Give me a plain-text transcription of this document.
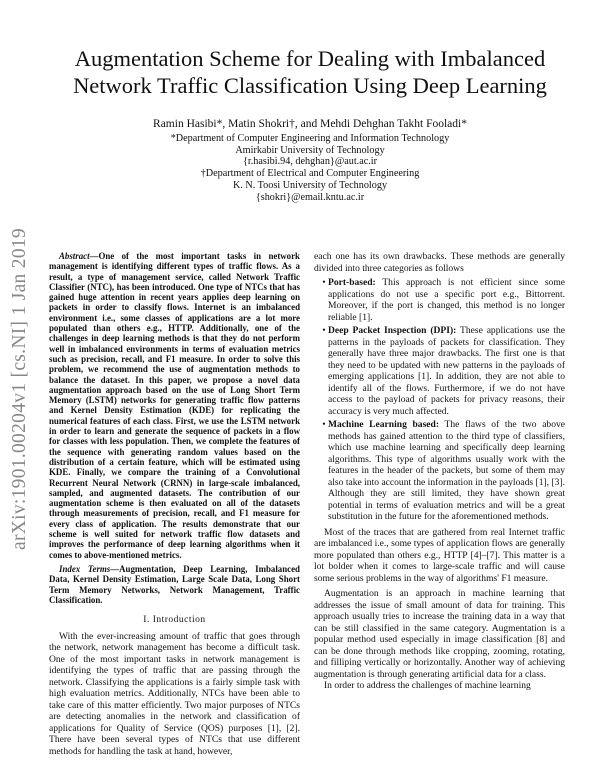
arXiv:1901.00204v1 [cs.NI] 1 Jan 2019
Augmentation Scheme for Dealing with Imbalanced
Network Traffic Classification Using Deep Learning
Ramin Hasibi*, Matin Shokri†, and Mehdi Dehghan Takht Fooladi*
*Department of Computer Engineering and Information Technology
Amirkabir University of Technology
{r.hasibi.94, dehghan}@aut.ac.ir
†Department of Electrical and Computer Engineering
K. N. Toosi University of Technology
{shokri}@email.kntu.ac.ir

Abstract—One of the most important tasks in network management is identifying different types of traffic flows. As a result, a type of management service, called Network Traffic Classifier (NTC), has been introduced. One type of NTCs that has gained huge attention in recent years applies deep learning on packets in order to classify flows. Internet is an imbalanced environment i.e., some classes of applications are a lot more populated than others e.g., HTTP. Additionally, one of the challenges in deep learning methods is that they do not perform well in imbalanced environments in terms of evaluation metrics such as precision, recall, and F1 measure. In order to solve this problem, we recommend the use of augmentation methods to balance the dataset. In this paper, we propose a novel data augmentation approach based on the use of Long Short Term Memory (LSTM) networks for generating traffic flow patterns and Kernel Density Estimation (KDE) for replicating the numerical features of each class. First, we use the LSTM network in order to learn and generate the sequence of packets in a flow for classes with less population. Then, we complete the features of the sequence with generating random values based on the distribution of a certain feature, which will be estimated using KDE. Finally, we compare the training of a Convolutional Recurrent Neural Network (CRNN) in large-scale imbalanced, sampled, and augmented datasets. The contribution of our augmentation scheme is then evaluated on all of the datasets through measurements of precision, recall, and F1 measure for every class of application. The results demonstrate that our scheme is well suited for network traffic flow datasets and improves the performance of deep learning algorithms when it comes to above-mentioned metrics.

Index Terms—Augmentation, Deep Learning, Imbalanced Data, Kernel Density Estimation, Large Scale Data, Long Short Term Memory Networks, Network Management, Traffic Classification.

I. Introduction

With the ever-increasing amount of traffic that goes through the network, network management has become a difficult task. One of the most important tasks in network management is identifying the types of traffic that are passing through the network. Classifying the applications is a fairly simple task with high evaluation metrics. Additionally, NTCs have been able to take care of this matter efficiently. Two major purposes of NTCs are detecting anomalies in the network and classification of applications for Quality of Service (QOS) purposes [1], [2]. There have been several types of NTCs that use different methods for handling the task at hand, however,

each one has its own drawbacks. These methods are generally divided into three categories as follows

• Port-based: This approach is not efficient since some applications do not use a specific port e.g., Bittorrent. Moreover, if the port is changed, this method is no longer reliable [1].
• Deep Packet Inspection (DPI): These applications use the patterns in the payloads of packets for classification. They generally have three major drawbacks. The first one is that they need to be updated with new patterns in the payloads of emerging applications [1]. In addition, they are not able to identify all of the flows. Furthermore, if we do not have access to the payload of packets for privacy reasons, their accuracy is very much affected.
• Machine Learning based: The flaws of the two above methods has gained attention to the third type of classifiers, which use machine learning and specifically deep learning algorithms. This type of algorithms usually work with the features in the header of the packets, but some of them may also take into account the information in the payloads [1], [3]. Although they are still limited, they have shown great potential in terms of evaluation metrics and will be a great substitution in the future for the aforementioned methods.

Most of the traces that are gathered from real Internet traffic are imbalanced i.e., some types of application flows are generally more populated than others e.g., HTTP [4]–[7]. This matter is a lot bolder when it comes to large-scale traffic and will cause some serious problems in the way of algorithms' F1 measure.

Augmentation is an approach in machine learning that addresses the issue of small amount of data for training. This approach usually tries to increase the training data in a way that can be still classified in the same category. Augmentation is a popular method used especially in image classification [8] and can be done through methods like cropping, zooming, rotating, and filliping vertically or horizontally. Another way of achieving augmentation is through generating artificial data for a class.

In order to address the challenges of machine learning
